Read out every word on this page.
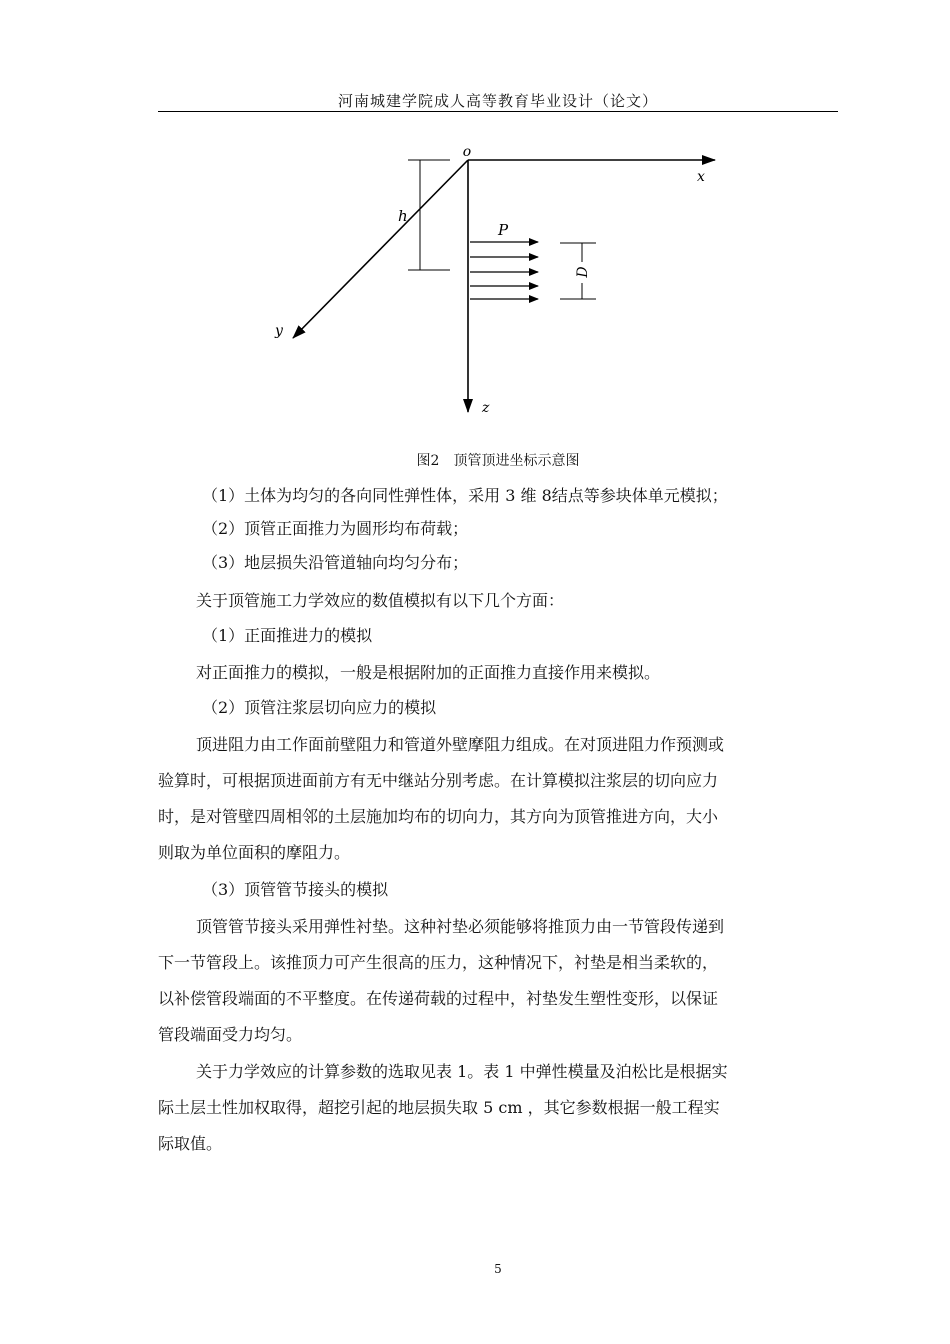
河南城建学院成人高等教育毕业设计（论文）
o
x
y
z
h
P
D
图2 顶管顶进坐标示意图
（1）土体为均匀的各向同性弹性体，采用 3 维 8结点等参块体单元模拟；
（2）顶管正面推力为圆形均布荷载；
（3）地层损失沿管道轴向均匀分布；
关于顶管施工力学效应的数值模拟有以下几个方面：
（1）正面推进力的模拟
对正面推力的模拟，一般是根据附加的正面推力直接作用来模拟。
（2）顶管注浆层切向应力的模拟
顶进阻力由工作面前壁阻力和管道外壁摩阻力组成。在对顶进阻力作预测或
验算时，可根据顶进面前方有无中继站分别考虑。在计算模拟注浆层的切向应力
时，是对管壁四周相邻的土层施加均布的切向力，其方向为顶管推进方向，大小
则取为单位面积的摩阻力。
（3）顶管管节接头的模拟
顶管管节接头采用弹性衬垫。这种衬垫必须能够将推顶力由一节管段传递到
下一节管段上。该推顶力可产生很高的压力，这种情况下，衬垫是相当柔软的，
以补偿管段端面的不平整度。在传递荷载的过程中，衬垫发生塑性变形，以保证
管段端面受力均匀。
关于力学效应的计算参数的选取见表 1。表 1 中弹性模量及泊松比是根据实
际土层土性加权取得，超挖引起的地层损失取 5 cm ，其它参数根据一般工程实
际取值。
5
